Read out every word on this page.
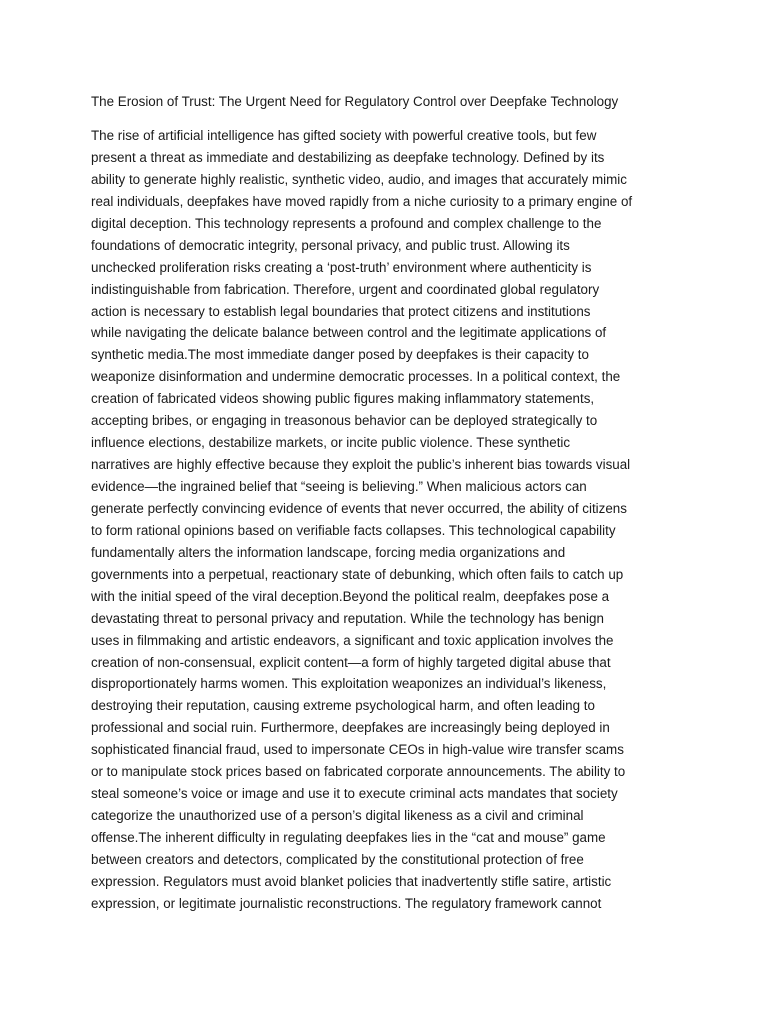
The Erosion of Trust: The Urgent Need for Regulatory Control over Deepfake Technology
The rise of artificial intelligence has gifted society with powerful creative tools, but few
present a threat as immediate and destabilizing as deepfake technology. Defined by its
ability to generate highly realistic, synthetic video, audio, and images that accurately mimic
real individuals, deepfakes have moved rapidly from a niche curiosity to a primary engine of
digital deception. This technology represents a profound and complex challenge to the
foundations of democratic integrity, personal privacy, and public trust. Allowing its
unchecked proliferation risks creating a ‘post-truth’ environment where authenticity is
indistinguishable from fabrication. Therefore, urgent and coordinated global regulatory
action is necessary to establish legal boundaries that protect citizens and institutions
while navigating the delicate balance between control and the legitimate applications of
synthetic media.The most immediate danger posed by deepfakes is their capacity to
weaponize disinformation and undermine democratic processes. In a political context, the
creation of fabricated videos showing public figures making inflammatory statements,
accepting bribes, or engaging in treasonous behavior can be deployed strategically to
influence elections, destabilize markets, or incite public violence. These synthetic
narratives are highly effective because they exploit the public’s inherent bias towards visual
evidence—the ingrained belief that “seeing is believing.” When malicious actors can
generate perfectly convincing evidence of events that never occurred, the ability of citizens
to form rational opinions based on verifiable facts collapses. This technological capability
fundamentally alters the information landscape, forcing media organizations and
governments into a perpetual, reactionary state of debunking, which often fails to catch up
with the initial speed of the viral deception.Beyond the political realm, deepfakes pose a
devastating threat to personal privacy and reputation. While the technology has benign
uses in filmmaking and artistic endeavors, a significant and toxic application involves the
creation of non-consensual, explicit content—a form of highly targeted digital abuse that
disproportionately harms women. This exploitation weaponizes an individual’s likeness,
destroying their reputation, causing extreme psychological harm, and often leading to
professional and social ruin. Furthermore, deepfakes are increasingly being deployed in
sophisticated financial fraud, used to impersonate CEOs in high-value wire transfer scams
or to manipulate stock prices based on fabricated corporate announcements. The ability to
steal someone’s voice or image and use it to execute criminal acts mandates that society
categorize the unauthorized use of a person’s digital likeness as a civil and criminal
offense.The inherent difficulty in regulating deepfakes lies in the “cat and mouse” game
between creators and detectors, complicated by the constitutional protection of free
expression. Regulators must avoid blanket policies that inadvertently stifle satire, artistic
expression, or legitimate journalistic reconstructions. The regulatory framework cannot
